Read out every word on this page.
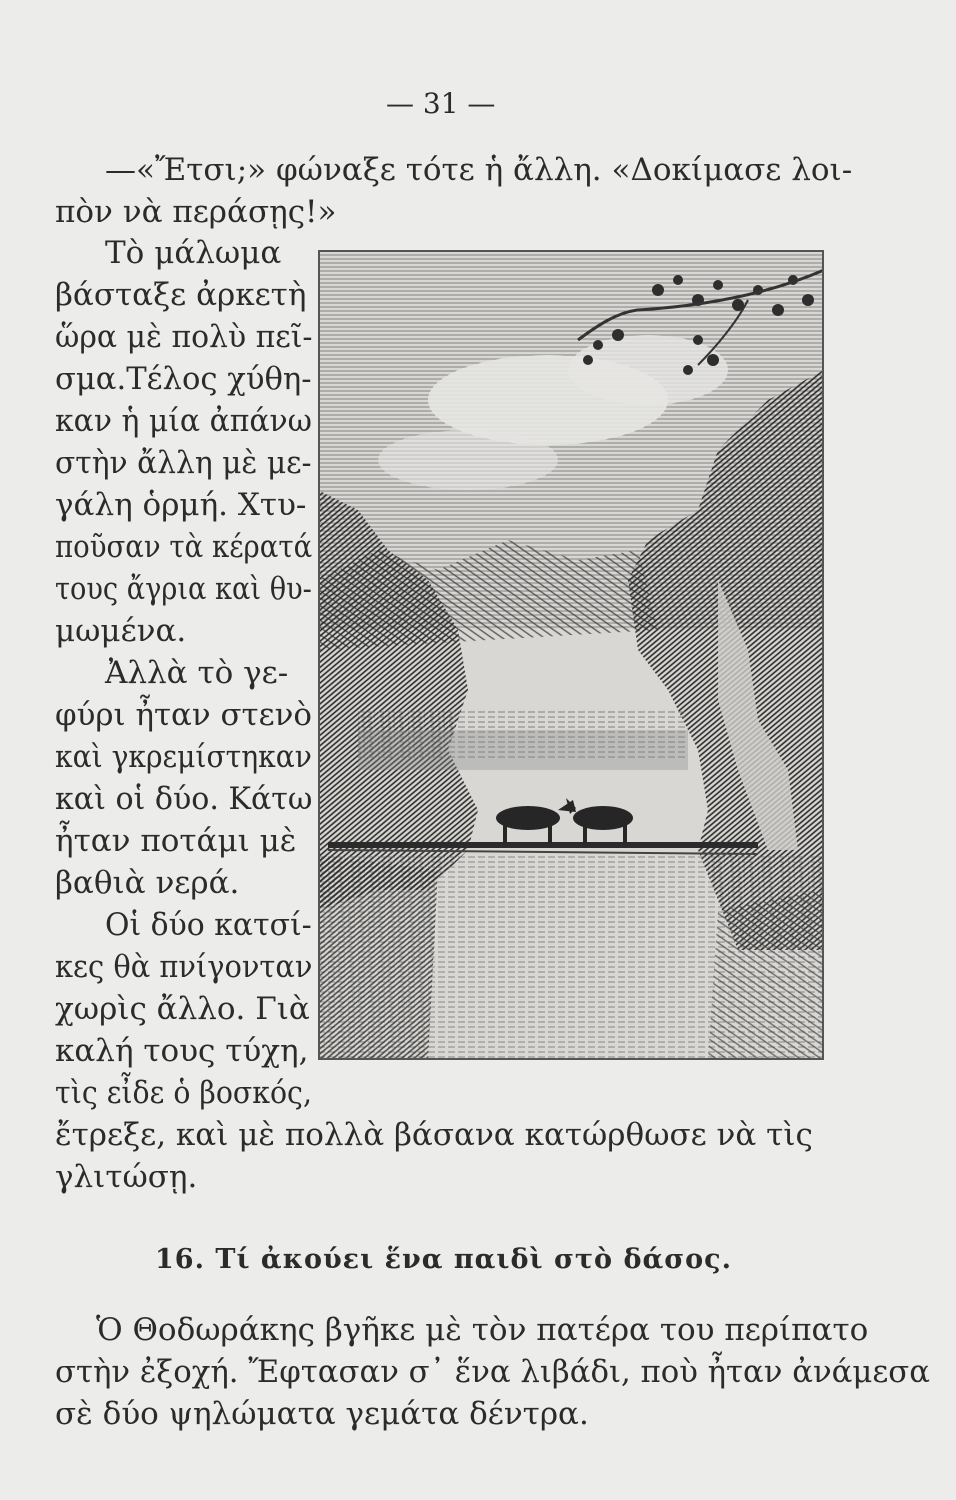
— 31 —
—«Ἔτσι;» φώναξε τότε ἡ ἄλλη. «Δοκίμασε λοι-
πὸν νὰ περάσῃς!»
Τὸ μάλωμα
βάσταξε ἀρκετὴ
ὥρα μὲ πολὺ πεῖ-
σμα.Τέλος χύθη-
καν ἡ μία ἀπάνω
στὴν ἄλλη μὲ με-
γάλη ὁρμή. Χτυ-
ποῦσαν τὰ κέρατά
τους ἄγρια καὶ θυ-
μωμένα.
Ἀλλὰ τὸ γε-
φύρι ἦταν στενὸ
καὶ γκρεμίστηκαν
καὶ οἱ δύο. Κάτω
ἦταν ποτάμι μὲ
βαθιὰ νερά.
Οἱ δύο κατσί-
κες θὰ πνίγονταν
χωρὶς ἄλλο. Γιὰ
καλή τους τύχη,
τὶς εἶδε ὁ βοσκός,
ἔτρεξε, καὶ μὲ πολλὰ βάσανα κατώρθωσε νὰ τὶς
γλιτώσῃ.
16. Τί ἀκούει ἕνα παιδὶ στὸ δάσος.
Ὁ Θοδωράκης βγῆκε μὲ τὸν πατέρα του περίπατο
στὴν ἐξοχή. Ἔφτασαν σ᾽ ἕνα λιβάδι, ποὺ ἦταν ἀνάμεσα
σὲ δύο ψηλώματα γεμάτα δέντρα.
